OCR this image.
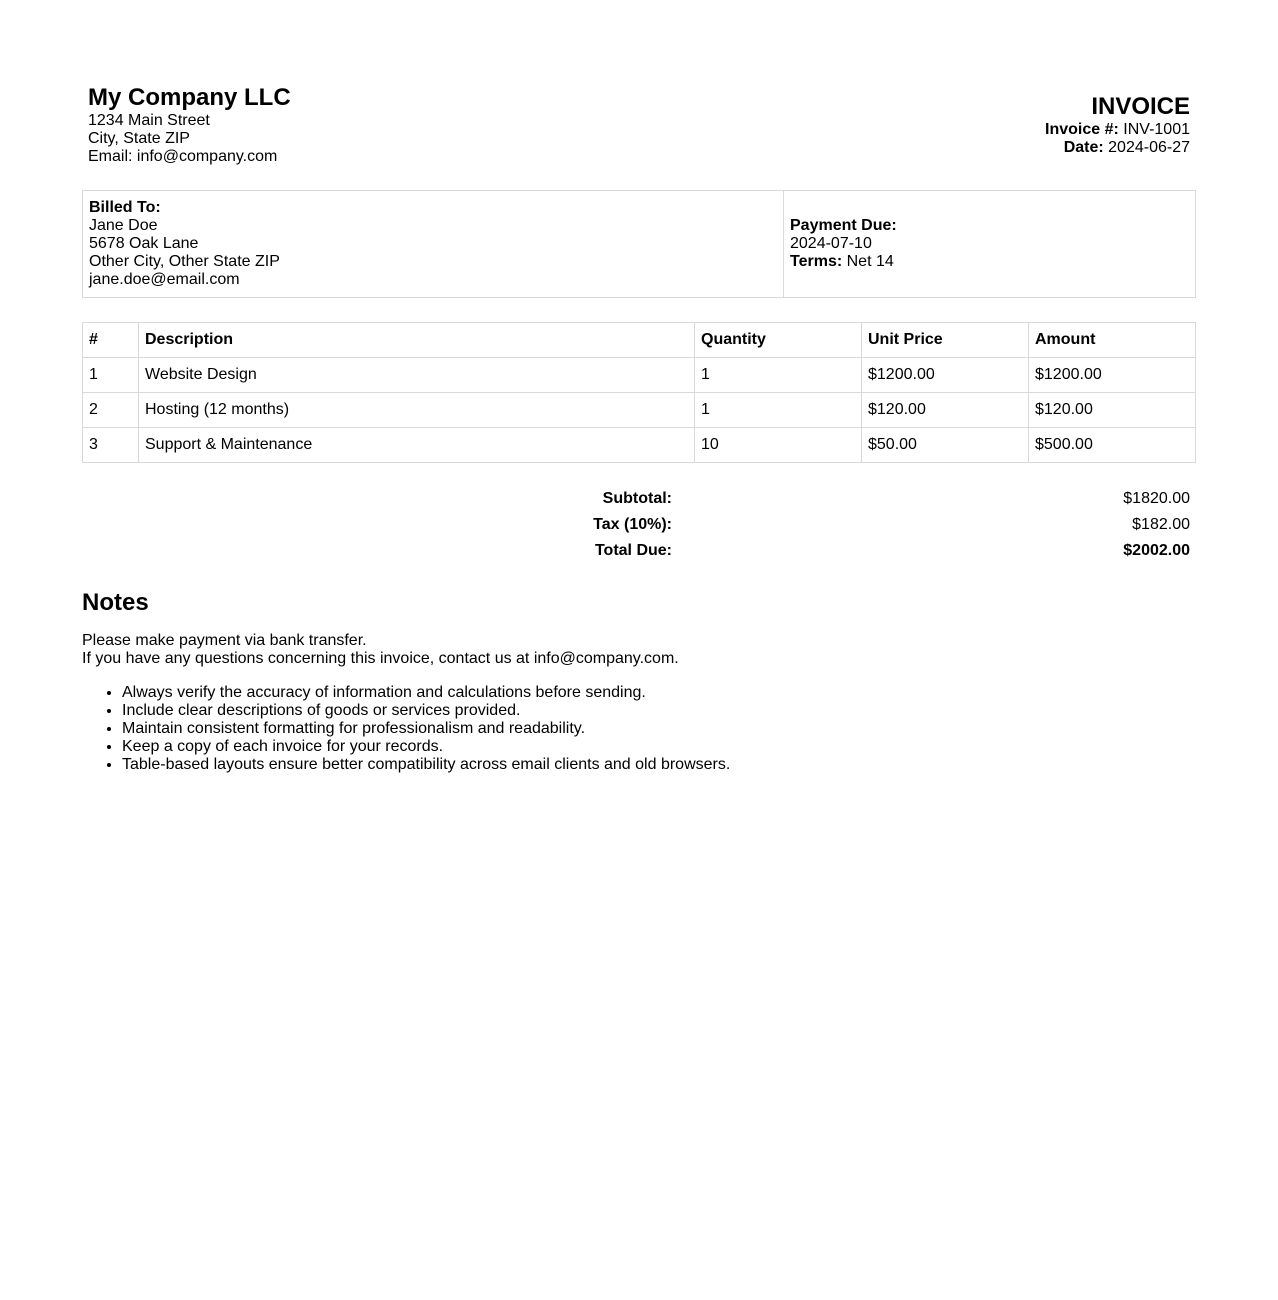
My Company LLC
1234 Main Street
City, State ZIP
Email: info@company.com
INVOICE
Invoice #: INV-1001
Date: 2024-06-27
Billed To:
Jane Doe
5678 Oak Lane
Other City, Other State ZIP
jane.doe@email.com
Payment Due:
2024-07-10
Terms: Net 14
#	Description	Quantity	Unit Price	Amount
1	Website Design	1	$1200.00	$1200.00
2	Hosting (12 months)	1	$120.00	$120.00
3	Support & Maintenance	10	$50.00	$500.00
Subtotal:	$1820.00
Tax (10%):	$182.00
Total Due:	$2002.00
Notes
Please make payment via bank transfer.
If you have any questions concerning this invoice, contact us at info@company.com.
• Always verify the accuracy of information and calculations before sending.
• Include clear descriptions of goods or services provided.
• Maintain consistent formatting for professionalism and readability.
• Keep a copy of each invoice for your records.
• Table-based layouts ensure better compatibility across email clients and old browsers.
